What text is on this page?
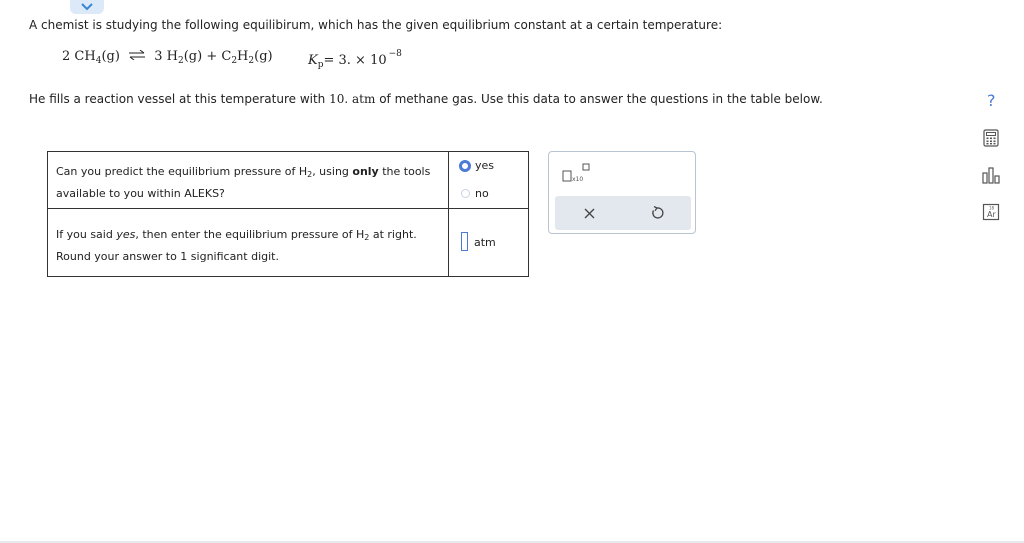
A chemist is studying the following equilibirum, which has the given equilibrium constant at a certain temperature:
2 $CH_4(g)$ ⇌ 3 $H_2(g) + C_2H_2(g)$	$K_p= 3$. × 10 $^{-8}$
He fills a reaction vessel at this temperature with 10. atm of methane gas. Use this data to answer the questions in the table below.
Can you predict the equilibrium pressure of $H_2$, using only the tools available to you within ALEKS?
yes
no
If you said yes, then enter the equilibrium pressure of $H_2$ at right.
Round your answer to 1 significant digit.
atm
x10
?
Ar
18
